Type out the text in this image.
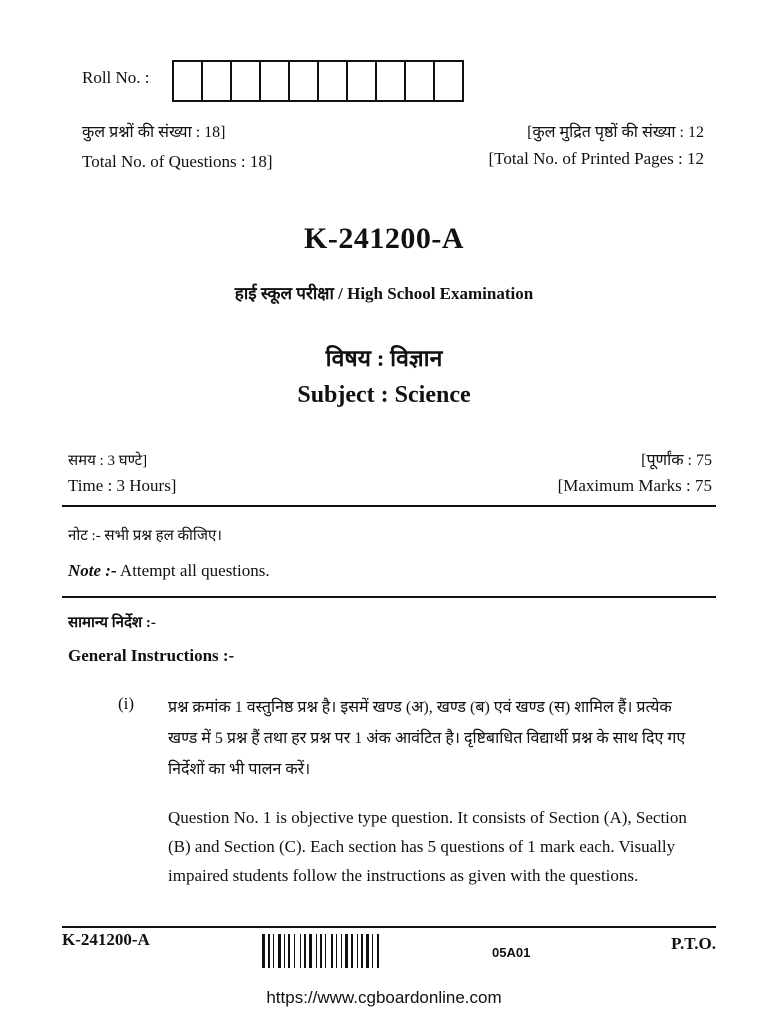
Roll No. :
कुल प्रश्नों की संख्या : 18]
Total No. of Questions : 18]
[कुल मुद्रित पृष्ठों की संख्या : 12
[Total No. of Printed Pages : 12
K-241200-A
हाई स्कूल परीक्षा / High School Examination
विषय : विज्ञान
Subject : Science
समय : 3 घण्टे]
Time : 3 Hours]
[पूर्णांक : 75
[Maximum Marks : 75
नोट :- सभी प्रश्न हल कीजिए।
Note :- Attempt all questions.
सामान्य निर्देश :-
General Instructions :-
(i) प्रश्न क्रमांक 1 वस्तुनिष्ठ प्रश्न है। इसमें खण्ड (अ), खण्ड (ब) एवं खण्ड (स) शामिल हैं। प्रत्येक खण्ड में 5 प्रश्न हैं तथा हर प्रश्न पर 1 अंक आवंटित है। दृष्टिबाधित विद्यार्थी प्रश्न के साथ दिए गए निर्देशों का भी पालन करें।
Question No. 1 is objective type question. It consists of Section (A), Section (B) and Section (C). Each section has 5 questions of 1 mark each. Visually impaired students follow the instructions as given with the questions.
K-241200-A
05A01	P.T.O.
https://www.cgboardonline.com
